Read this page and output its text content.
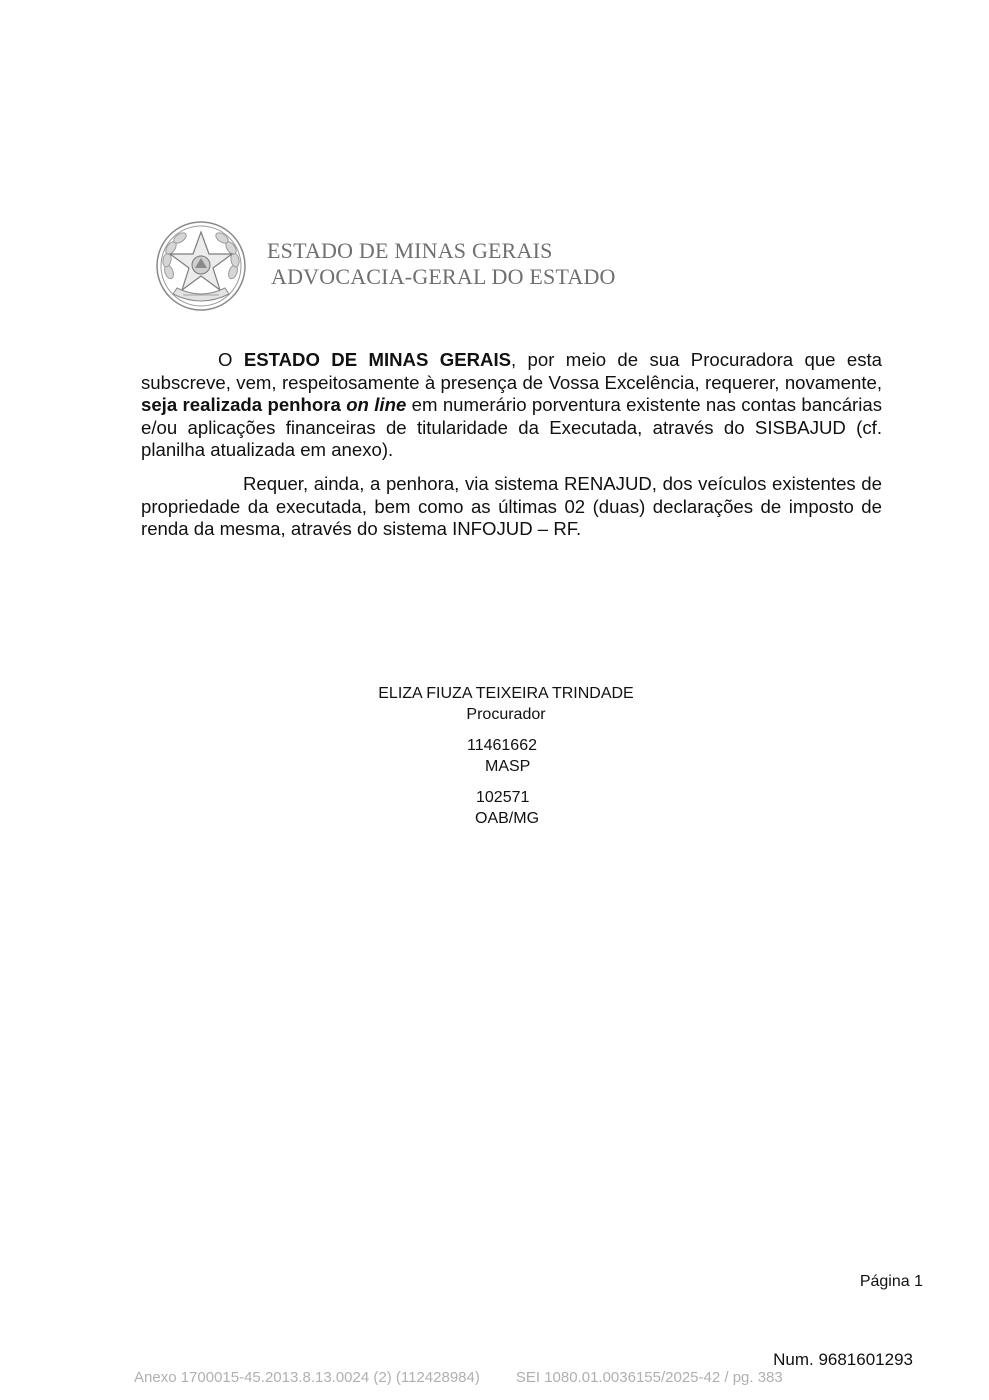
ESTADO DE MINAS GERAIS
ADVOCACIA-GERAL DO ESTADO

O ESTADO DE MINAS GERAIS, por meio de sua Procuradora que esta subscreve, vem, respeitosamente à presença de Vossa Excelência, requerer, novamente, seja realizada penhora on line em numerário porventura existente nas contas bancárias e/ou aplicações financeiras de titularidade da Executada, através do SISBAJUD (cf. planilha atualizada em anexo).

Requer, ainda, a penhora, via sistema RENAJUD, dos veículos existentes de propriedade da executada, bem como as últimas 02 (duas) declarações de imposto de renda da mesma, através do sistema INFOJUD – RF.

ELIZA FIUZA TEIXEIRA TRINDADE
Procurador
11461662
MASP
102571
OAB/MG
Página 1
Num. 9681601293
Anexo 1700015-45.2013.8.13.0024 (2) (112428984) SEI 1080.01.0036155/2025-42 / pg. 383
